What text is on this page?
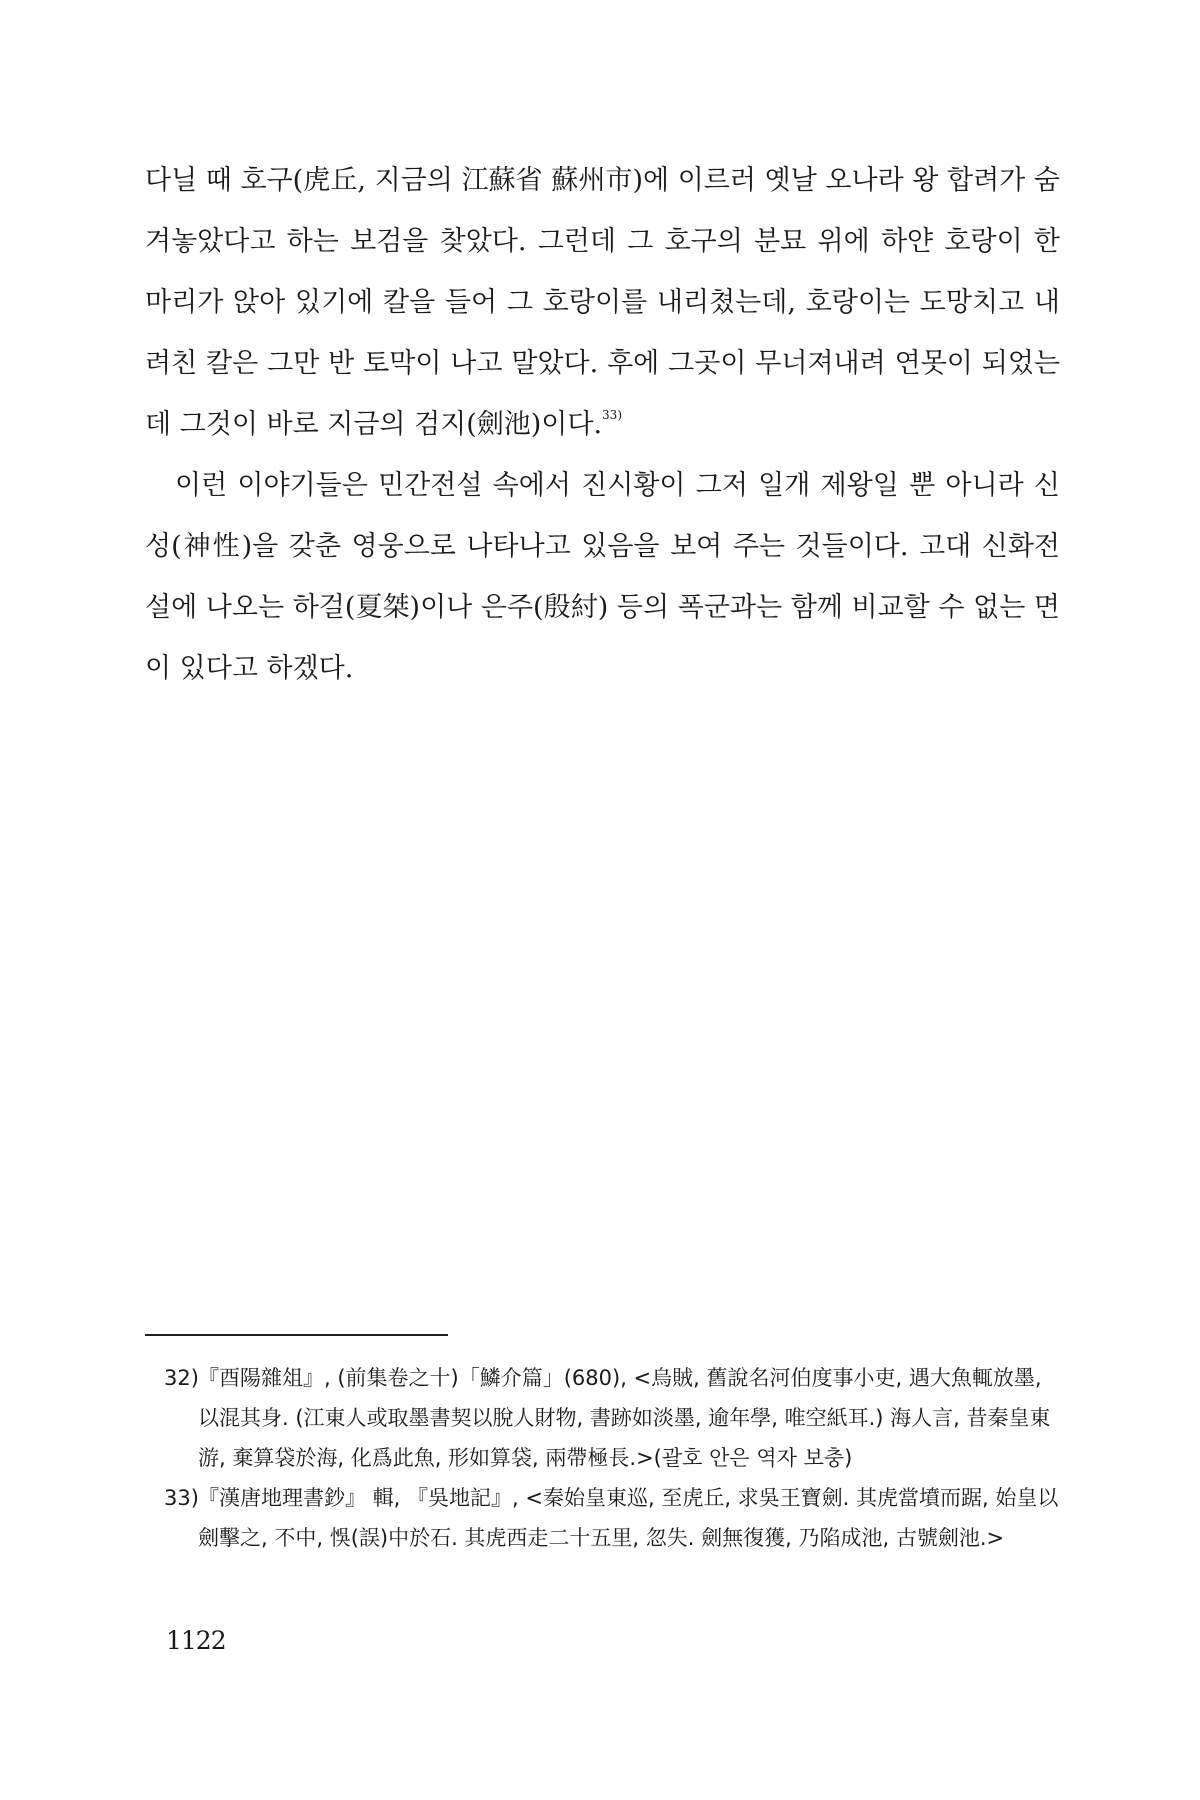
다닐 때 호구(虎丘, 지금의 江蘇省 蘇州市)에 이르러 옛날 오나라 왕 합려가 숨겨놓았다고 하는 보검을 찾았다. 그런데 그 호구의 분묘 위에 하얀 호랑이 한 마리가 앉아 있기에 칼을 들어 그 호랑이를 내리쳤는데, 호랑이는 도망치고 내려친 칼은 그만 반 토막이 나고 말았다. 후에 그곳이 무너져내려 연못이 되었는데 그것이 바로 지금의 검지(劍池)이다.$^{33)}$

이런 이야기들은 민간전설 속에서 진시황이 그저 일개 제왕일 뿐 아니라 신성(神性)을 갖춘 영웅으로 나타나고 있음을 보여 주는 것들이다. 고대 신화전설에 나오는 하걸(夏桀)이나 은주(殷紂) 등의 폭군과는 함께 비교할 수 없는 면이 있다고 하겠다.

32) 『酉陽雜俎』, (前集卷之十)「鱗介篇」(680), <烏賊, 舊說名河伯度事小吏, 遇大魚輒放墨, 以混其身. (江東人或取墨書契以脫人財物, 書跡如淡墨, 逾年學, 唯空紙耳.) 海人言, 昔秦皇東游, 棄算袋於海, 化爲此魚, 形如算袋, 兩帶極長.>(괄호 안은 역자 보충)

33) 『漢唐地理書鈔』 輯, 『吳地記』, <秦始皇東巡, 至虎丘, 求吳王寶劍. 其虎當墳而踞, 始皇以劍擊之, 不中, 悞(誤)中於石. 其虎西走二十五里, 忽失. 劍無復獲, 乃陷成池, 古號劍池.>

1122
